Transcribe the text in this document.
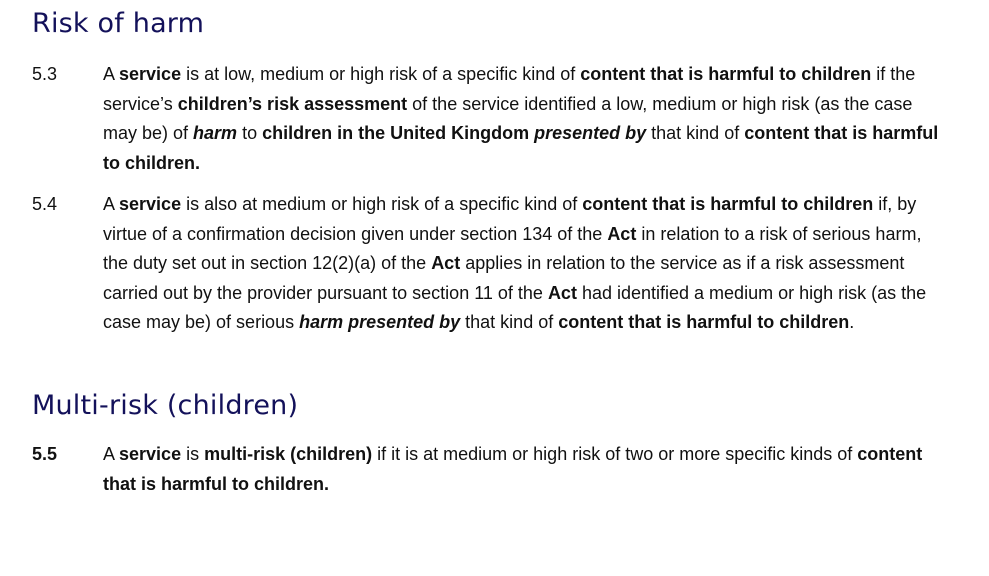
Risk of harm
5.3	A service is at low, medium or high risk of a specific kind of content that is harmful to children if the service’s children’s risk assessment of the service identified a low, medium or high risk (as the case may be) of harm to children in the United Kingdom presented by that kind of content that is harmful to children.

5.4	A service is also at medium or high risk of a specific kind of content that is harmful to children if, by virtue of a confirmation decision given under section 134 of the Act in relation to a risk of serious harm, the duty set out in section 12(2)(a) of the Act applies in relation to the service as if a risk assessment carried out by the provider pursuant to section 11 of the Act had identified a medium or high risk (as the case may be) of serious harm presented by that kind of content that is harmful to children.

Multi-risk (children)
5.5	A service is multi-risk (children) if it is at medium or high risk of two or more specific kinds of content that is harmful to children.
